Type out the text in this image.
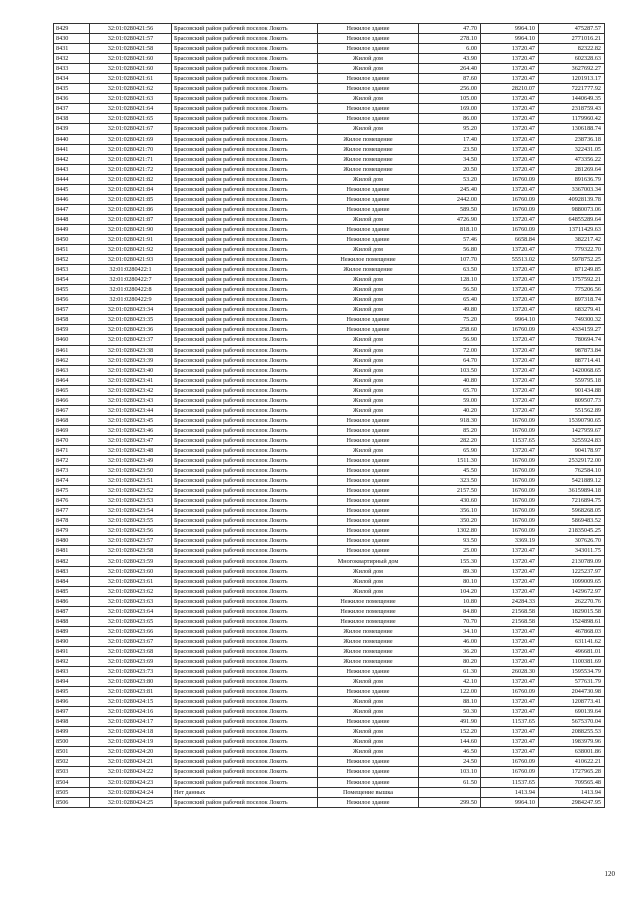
8429	32:01:0280421:56	Брасовский район рабочий поселок Локоть	Нежилое здание	47.70	9964.10	475287.57
8430	32:01:0280421:57	Брасовский район рабочий поселок Локоть	Нежилое здание	278.10	9964.10	2771016.21
8431	32:01:0280421:58	Брасовский район рабочий поселок Локоть	Нежилое здание	6.00	13720.47	82322.82
8432	32:01:0280421:60	Брасовский район рабочий поселок Локоть	Жилой дом	43.90	13720.47	602328.63
8433	32:01:0280421:60	Брасовский район рабочий поселок Локоть	Жилой дом	264.40	13720.47	3627692.27
8434	32:01:0280421:61	Брасовский район рабочий поселок Локоть	Нежилое здание	87.60	13720.47	1201913.17
8435	32:01:0280421:62	Брасовский район рабочий поселок Локоть	Нежилое здание	256.00	28210.07	7221777.92
8436	32:01:0280421:63	Брасовский район рабочий поселок Локоть	Жилой дом	105.00	13720.47	1440649.35
8437	32:01:0280421:64	Брасовский район рабочий поселок Локоть	Нежилое здание	169.00	13720.47	2318759.43
8438	32:01:0280421:65	Брасовский район рабочий поселок Локоть	Нежилое здание	86.00	13720.47	1179960.42
8439	32:01:0280421:67	Брасовский район рабочий поселок Локоть	Жилой дом	95.20	13720.47	1306188.74
8440	32:01:0280421:69	Брасовский район рабочий поселок Локоть	Жилое помещение	17.40	13720.47	238736.18
8441	32:01:0280421:70	Брасовский район рабочий поселок Локоть	Жилое помещение	23.50	13720.47	322431.05
8442	32:01:0280421:71	Брасовский район рабочий поселок Локоть	Жилое помещение	34.50	13720.47	473356.22
8443	32:01:0280421:72	Брасовский район рабочий поселок Локоть	Жилое помещение	20.50	13720.47	281269.64
8444	32:01:0280421:82	Брасовский район рабочий поселок Локоть	Жилой дом	53.20	16760.09	891636.79
8445	32:01:0280421:84	Брасовский район рабочий поселок Локоть	Нежилое здание	245.40	13720.47	3367003.34
8446	32:01:0280421:85	Брасовский район рабочий поселок Локоть	Нежилое здание	2442.00	16760.09	40928139.78
8447	32:01:0280421:86	Брасовский район рабочий поселок Локоть	Нежилое здание	589.50	16760.09	9880073.06
8448	32:01:0280421:87	Брасовский район рабочий поселок Локоть	Жилой дом	4726.90	13720.47	64855289.64
8449	32:01:0280421:90	Брасовский район рабочий поселок Локоть	Нежилое здание	818.10	16760.09	13711429.63
8450	32:01:0280421:91	Брасовский район рабочий поселок Локоть	Нежилое здание	57.46	6658.84	382217.42
8451	32:01:0280421:92	Брасовский район рабочий поселок Локоть	Жилой дом	56.80	13720.47	779322.70
8452	32:01:0280421:93	Брасовский район рабочий поселок Локоть	Нежилое помещение	107.70	55513.02	5978752.25
8453	32:01:0280422:1	Брасовский район рабочий поселок Локоть	Жилое помещение	63.50	13720.47	871249.85
8454	32:01:0280422:7	Брасовский район рабочий поселок Локоть	Жилой дом	128.10	13720.47	1757592.21
8455	32:01:0280422:8	Брасовский район рабочий поселок Локоть	Жилой дом	56.50	13720.47	775206.56
8456	32:01:0280422:9	Брасовский район рабочий поселок Локоть	Жилой дом	65.40	13720.47	897318.74
8457	32:01:0280423:34	Брасовский район рабочий поселок Локоть	Жилой дом	49.80	13720.47	683279.41
8458	32:01:0280423:35	Брасовский район рабочий поселок Локоть	Нежилое здание	75.20	9964.10	749300.32
8459	32:01:0280423:36	Брасовский район рабочий поселок Локоть	Нежилое здание	258.60	16760.09	4334159.27
8460	32:01:0280423:37	Брасовский район рабочий поселок Локоть	Жилой дом	56.90	13720.47	780694.74
8461	32:01:0280423:38	Брасовский район рабочий поселок Локоть	Жилой дом	72.00	13720.47	987873.84
8462	32:01:0280423:39	Брасовский район рабочий поселок Локоть	Жилой дом	64.70	13720.47	887714.41
8463	32:01:0280423:40	Брасовский район рабочий поселок Локоть	Жилой дом	103.50	13720.47	1420068.65
8464	32:01:0280423:41	Брасовский район рабочий поселок Локоть	Жилой дом	40.80	13720.47	559795.18
8465	32:01:0280423:42	Брасовский район рабочий поселок Локоть	Жилой дом	65.70	13720.47	901434.88
8466	32:01:0280423:43	Брасовский район рабочий поселок Локоть	Жилой дом	59.00	13720.47	809507.73
8467	32:01:0280423:44	Брасовский район рабочий поселок Локоть	Жилой дом	40.20	13720.47	551562.89
8468	32:01:0280423:45	Брасовский район рабочий поселок Локоть	Нежилое здание	918.30	16760.09	15390790.65
8469	32:01:0280423:46	Брасовский район рабочий поселок Локоть	Нежилое здание	85.20	16760.09	1427959.67
8470	32:01:0280423:47	Брасовский район рабочий поселок Локоть	Нежилое здание	282.20	11537.65	3255924.83
8471	32:01:0280423:48	Брасовский район рабочий поселок Локоть	Жилой дом	65.90	13720.47	904178.97
8472	32:01:0280423:49	Брасовский район рабочий поселок Локоть	Нежилое здание	1511.30	16760.09	25329172.00
8473	32:01:0280423:50	Брасовский район рабочий поселок Локоть	Нежилое здание	45.50	16760.09	762584.10
8474	32:01:0280423:51	Брасовский район рабочий поселок Локоть	Нежилое здание	323.50	16760.09	5421889.12
8475	32:01:0280423:52	Брасовский район рабочий поселок Локоть	Нежилое здание	2157.50	16760.09	36159894.18
8476	32:01:0280423:53	Брасовский район рабочий поселок Локоть	Нежилое здание	430.60	16760.09	7216894.75
8477	32:01:0280423:54	Брасовский район рабочий поселок Локоть	Нежилое здание	356.10	16760.09	5968268.05
8478	32:01:0280423:55	Брасовский район рабочий поселок Локоть	Нежилое здание	350.20	16760.09	5869483.52
8479	32:01:0280423:56	Брасовский район рабочий поселок Локоть	Нежилое здание	1302.80	16760.09	21835045.25
8480	32:01:0280423:57	Брасовский район рабочий поселок Локоть	Нежилое здание	93.50	3369.19	307626.70
8481	32:01:0280423:58	Брасовский район рабочий поселок Локоть	Нежилое здание	25.00	13720.47	343011.75
8482	32:01:0280423:59	Брасовский район рабочий поселок Локоть	Многоквартирный дом	155.30	13720.47	2130789.09
8483	32:01:0280423:60	Брасовский район рабочий поселок Локоть	Жилой дом	89.30	13720.47	1225237.97
8484	32:01:0280423:61	Брасовский район рабочий поселок Локоть	Жилой дом	80.10	13720.47	1099009.65
8485	32:01:0280423:62	Брасовский район рабочий поселок Локоть	Жилой дом	104.20	13720.47	1429672.97
8486	32:01:0280423:63	Брасовский район рабочий поселок Локоть	Нежилое помещение	10.80	24284.33	262270.76
8487	32:01:0280423:64	Брасовский район рабочий поселок Локоть	Нежилое помещение	84.80	21568.58	1829015.58
8488	32:01:0280423:65	Брасовский район рабочий поселок Локоть	Нежилое помещение	70.70	21568.58	1524898.61
8489	32:01:0280423:66	Брасовский район рабочий поселок Локоть	Жилое помещение	34.10	13720.47	467868.03
8490	32:01:0280423:67	Брасовский район рабочий поселок Локоть	Жилое помещение	46.00	13720.47	631141.62
8491	32:01:0280423:68	Брасовский район рабочий поселок Локоть	Жилое помещение	36.20	13720.47	496681.01
8492	32:01:0280423:69	Брасовский район рабочий поселок Локоть	Жилое помещение	80.20	13720.47	1100381.69
8493	32:01:0280423:73	Брасовский район рабочий поселок Локоть	Нежилое здание	61.30	26028.30	1595534.79
8494	32:01:0280423:80	Брасовский район рабочий поселок Локоть	Жилой дом	42.10	13720.47	577631.79
8495	32:01:0280423:81	Брасовский район рабочий поселок Локоть	Нежилое здание	122.00	16760.09	2044730.98
8496	32:01:0280424:15	Брасовский район рабочий поселок Локоть	Жилой дом	88.10	13720.47	1208773.41
8497	32:01:0280424:16	Брасовский район рабочий поселок Локоть	Жилой дом	50.30	13720.47	690139.64
8498	32:01:0280424:17	Брасовский район рабочий поселок Локоть	Нежилое здание	491.90	11537.65	5675370.04
8499	32:01:0280424:18	Брасовский район рабочий поселок Локоть	Жилой дом	152.20	13720.47	2088255.53
8500	32:01:0280424:19	Брасовский район рабочий поселок Локоть	Жилой дом	144.60	13720.47	1983979.96
8501	32:01:0280424:20	Брасовский район рабочий поселок Локоть	Жилой дом	46.50	13720.47	638001.86
8502	32:01:0280424:21	Брасовский район рабочий поселок Локоть	Нежилое здание	24.50	16760.09	410622.21
8503	32:01:0280424:22	Брасовский район рабочий поселок Локоть	Нежилое здание	103.10	16760.09	1727965.28
8504	32:01:0280424:23	Брасовский район рабочий поселок Локоть	Нежилое здание	61.50	11537.65	709565.48
8505	32:01:0280424:24	Нет данных	Помещение вышка		1413.94	1413.94
8506	32:01:0280424:25	Брасовский район рабочий поселок Локоть	Нежилое здание	299.50	9964.10	2984247.95
120
